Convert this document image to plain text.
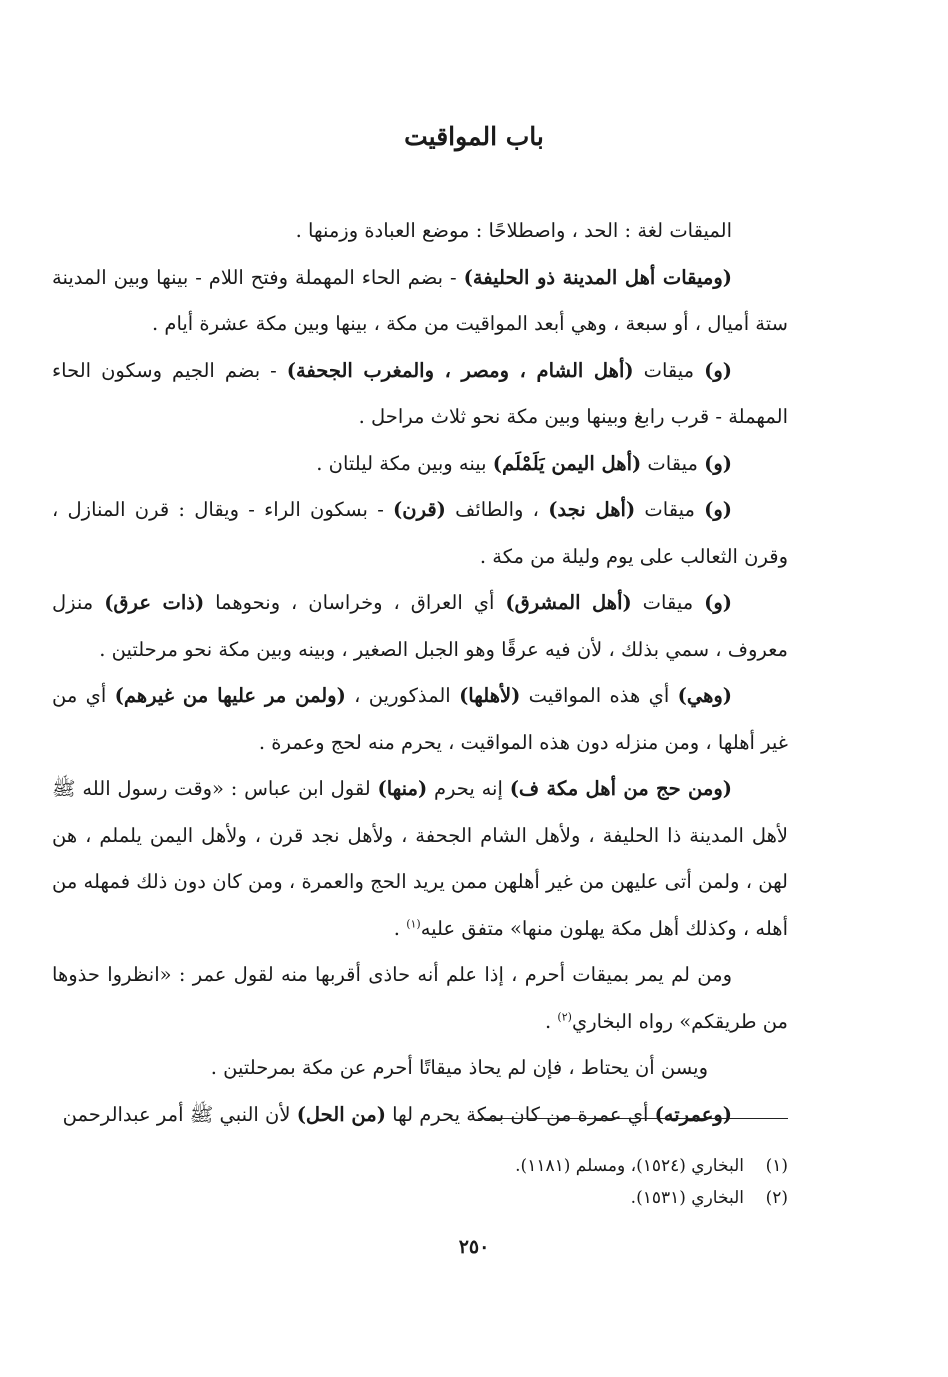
باب المواقيت

الميقات لغة : الحد ، واصطلاحًا : موضع العبادة وزمنها .

(وميقات أهل المدينة ذو الحليفة) - بضم الحاء المهملة وفتح اللام - بينها وبين المدينة ستة أميال ، أو سبعة ، وهي أبعد المواقيت من مكة ، بينها وبين مكة عشرة أيام .

(و) ميقات (أهل الشام ، ومصر ، والمغرب الجحفة) - بضم الجيم وسكون الحاء المهملة - قرب رابغ وبينها وبين مكة نحو ثلاث مراحل .

(و) ميقات (أهل اليمن يَلَمْلَم) بينه وبين مكة ليلتان .

(و) ميقات (أهل نجد) ، والطائف (قرن) - بسكون الراء - ويقال : قرن المنازل ، وقرن الثعالب على يوم وليلة من مكة .

(و) ميقات (أهل المشرق) أي العراق ، وخراسان ، ونحوهما (ذات عرق) منزل معروف ، سمي بذلك ، لأن فيه عرقًا وهو الجبل الصغير ، وبينه وبين مكة نحو مرحلتين .

(وهي) أي هذه المواقيت (لأهلها) المذكورين ، (ولمن مر عليها من غيرهم) أي من غير أهلها ، ومن منزله دون هذه المواقيت ، يحرم منه لحج وعمرة .

(ومن حج من أهل مكة ف) إنه يحرم (منها) لقول ابن عباس : «وقت رسول الله ﷺ لأهل المدينة ذا الحليفة ، ولأهل الشام الجحفة ، ولأهل نجد قرن ، ولأهل اليمن يلملم ، هن لهن ، ولمن أتى عليهن من غير أهلهن ممن يريد الحج والعمرة ، ومن كان دون ذلك فمهله من أهله ، وكذلك أهل مكة يهلون منها» متفق عليه$^{(١)}$ .

ومن لم يمر بميقات أحرم ، إذا علم أنه حاذى أقربها منه لقول عمر : «انظروا حذوها من طريقكم» رواه البخاري$^{(٢)}$ .

ويسن أن يحتاط ، فإن لم يحاذ ميقاتًا أحرم عن مكة بمرحلتين .

(وعمرته) أي عمرة من كان بمكة يحرم لها (من الحل) لأن النبي ﷺ أمر عبدالرحمن

(١)البخاري (١٥٢٤)، ومسلم (١١٨١).
(٢)البخاري (١٥٣١).
٢٥٠
